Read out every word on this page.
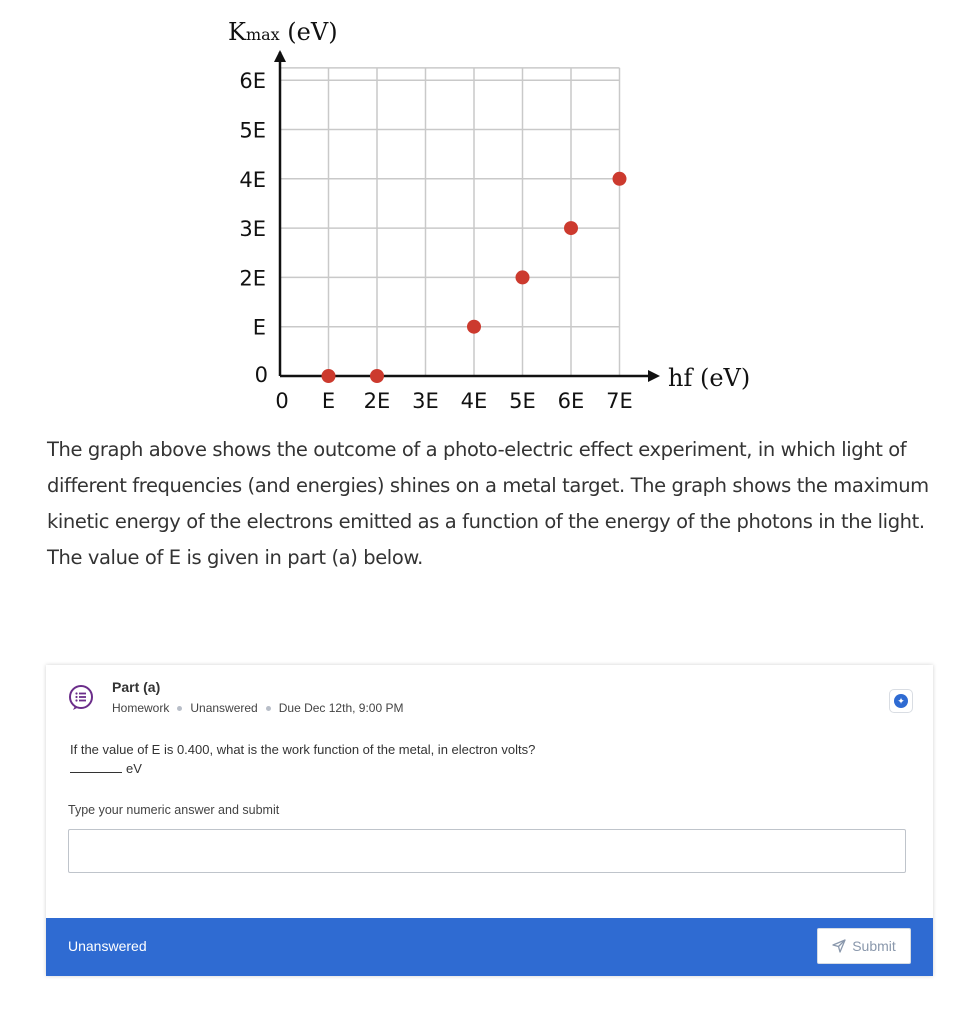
0
E
2E
3E
4E
5E
6E
0 E 2E 3E 4E 5E 6E 7E
Kmax (eV)
hf (eV)

The graph above shows the outcome of a photo-electric effect experiment, in which light of different frequencies (and energies) shines on a metal target. The graph shows the maximum kinetic energy of the electrons emitted as a function of the energy of the photons in the light. The value of E is given in part (a) below.

Part (a)
Homework Unanswered Due Dec 12th, 9:00 PM	✦
If the value of E is 0.400, what is the work function of the metal, in electron volts?
eV
Type your numeric answer and submit
Unanswered	Submit
